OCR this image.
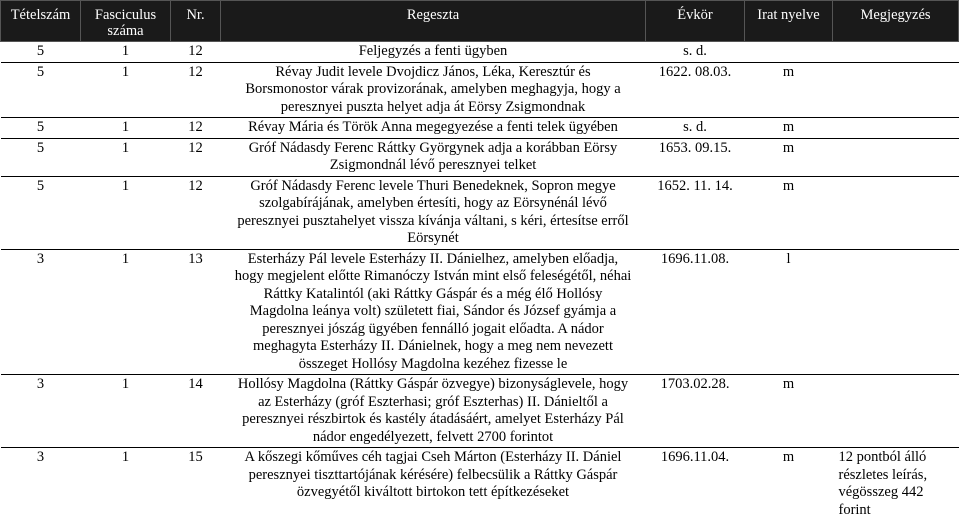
Tételszám	Fasciculus száma	Nr.	Regeszta	Évkör	Irat nyelve	Megjegyzés

5	1	12	Feljegyzés a fenti ügyben	s. d.		
5	1	12	Révay Judit levele Dvojdicz János, Léka, Keresztúr és Borsmonostor várak provizorának, amelyben meghagyja, hogy a peresznyei puszta helyet adja át Eörsy Zsigmondnak	1622. 08.03.	m	
5	1	12	Révay Mária és Török Anna megegyezése a fenti telek ügyében	s. d.	m	
5	1	12	Gróf Nádasdy Ferenc Ráttky Györgynek adja a korábban Eörsy Zsigmondnál lévő peresznyei telket	1653. 09.15.	m	
5	1	12	Gróf Nádasdy Ferenc levele Thuri Benedeknek, Sopron megye szolgabírájának, amelyben értesíti, hogy az Eörsynénál lévő peresznyei pusztahelyet vissza kívánja váltani, s kéri, értesítse erről Eörsynét	1652. 11. 14.	m	
3	1	13	Esterházy Pál levele Esterházy II. Dánielhez, amelyben előadja, hogy megjelent előtte Rimanóczy István mint első feleségétől, néhai Ráttky Katalintól (aki Ráttky Gáspár és a még élő Hollósy Magdolna leánya volt) született fiai, Sándor és József gyámja a peresznyei jószág ügyében fennálló jogait előadta. A nádor meghagyta Esterházy II. Dánielnek, hogy a meg nem nevezett összeget Hollósy Magdolna kezéhez fizesse le	1696.11.08.	l	
3	1	14	Hollósy Magdolna (Ráttky Gáspár özvegye) bizonyságlevele, hogy az Esterházy (gróf Eszterhasi; gróf Eszterhas) II. Dánieltől a peresznyei részbirtok és kastély átadásáért, amelyet Esterházy Pál nádor engedélyezett, felvett 2700 forintot	1703.02.28.	m	
3	1	15	A kőszegi kőműves céh tagjai Cseh Márton (Esterházy II. Dániel peresznyei tiszttartójának kérésére) felbecsülik a Ráttky Gáspár özvegyétől kiváltott birtokon tett építkezéseket	1696.11.04.	m	12 pontból álló részletes leírás, végösszeg 442 forint
